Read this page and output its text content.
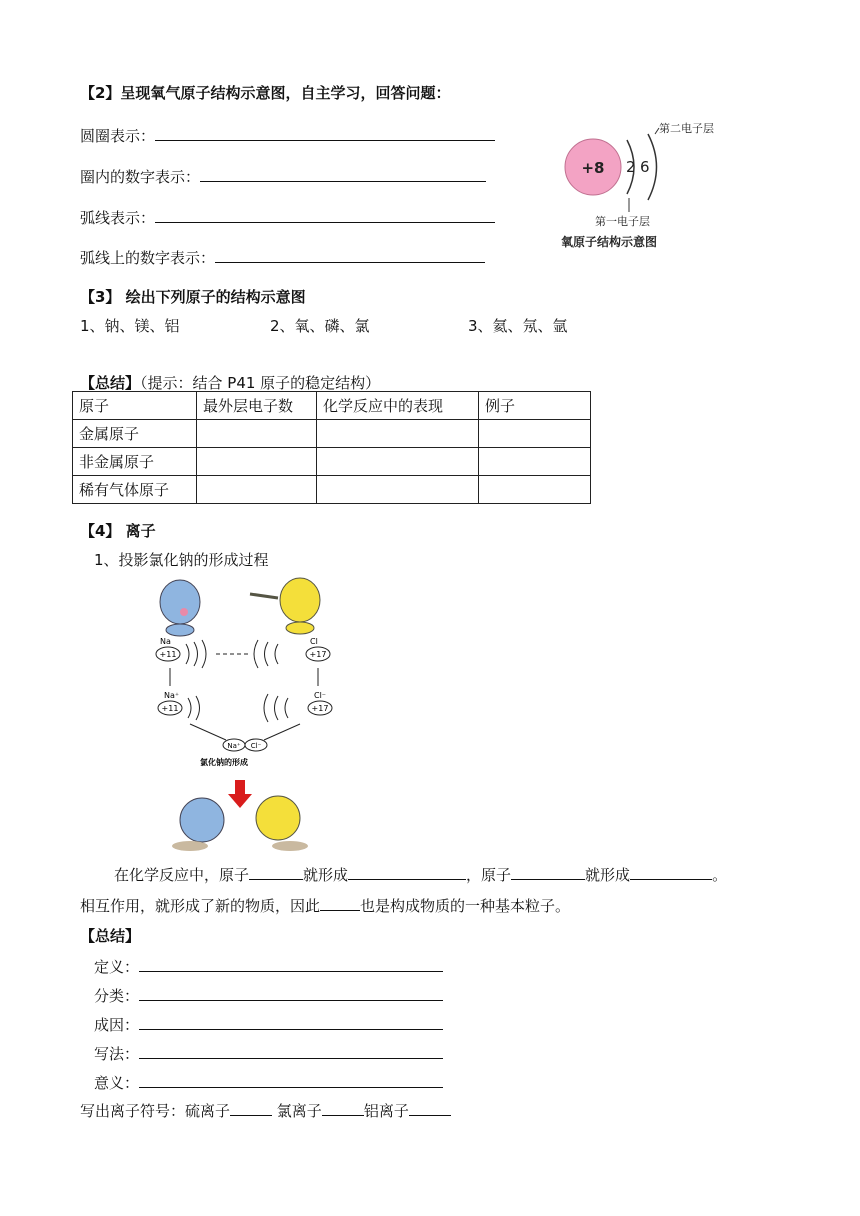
【2】呈现氧气原子结构示意图，自主学习，回答问题：
圆圈表示：
圈内的数字表示：
弧线表示：
弧线上的数字表示：
+8 2 6
第二电子层
第一电子层
氧原子结构示意图
【3】 绘出下列原子的结构示意图
1、钠、镁、铝	2、氧、磷、氯	3、氦、氖、氩
【总结】（提示：结合 P41 原子的稳定结构）
原子	最外层电子数	化学反应中的表现	例子
金属原子			
非金属原子			
稀有气体原子			
【4】 离子
1、投影氯化钠的形成过程
Na
+11
Cl
+17
Na⁺
+11
Cl⁻
+17
Na⁺ Cl⁻
氯化钠的形成
在化学反应中，原子	就形成	，原子	就形成	。
相互作用，就形成了新的物质，因此	也是构成物质的一种基本粒子。
【总结】
定义：
分类：
成因：
写法：
意义：
写出离子符号：硫离子	氯离子	铝离子
